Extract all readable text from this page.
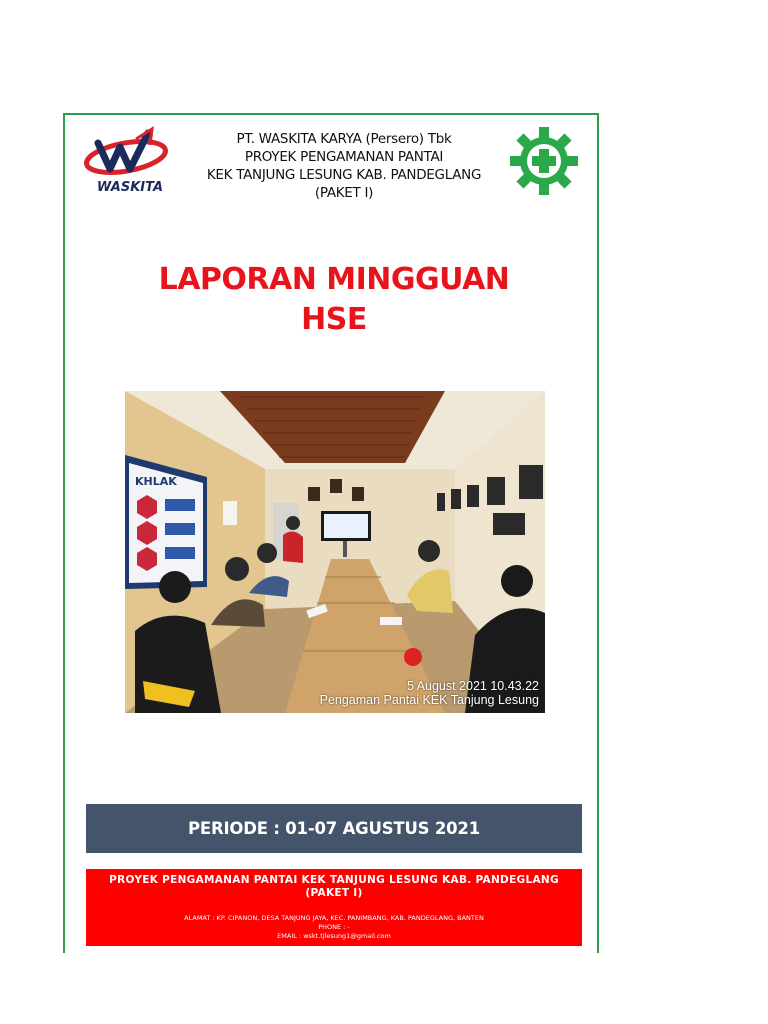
WASKITA
PT. WASKITA KARYA (Persero) Tbk
PROYEK PENGAMANAN PANTAI
KEK TANJUNG LESUNG KAB. PANDEGLANG
(PAKET I)
LAPORAN MINGGUAN
HSE
KHLAK
5 August 2021 10.43.22
Pengaman Pantai KEK Tanjung Lesung
PERIODE : 01-07 AGUSTUS 2021
PROYEK PENGAMANAN PANTAI KEK TANJUNG LESUNG KAB. PANDEGLANG
(PAKET I)
ALAMAT : KP. CIPANON, DESA TANJUNG JAYA, KEC. PANIMBANG, KAB. PANDEGLANG, BANTEN
PHONE : -
EMAIL : wskt.tjlesung1@gmail.com
